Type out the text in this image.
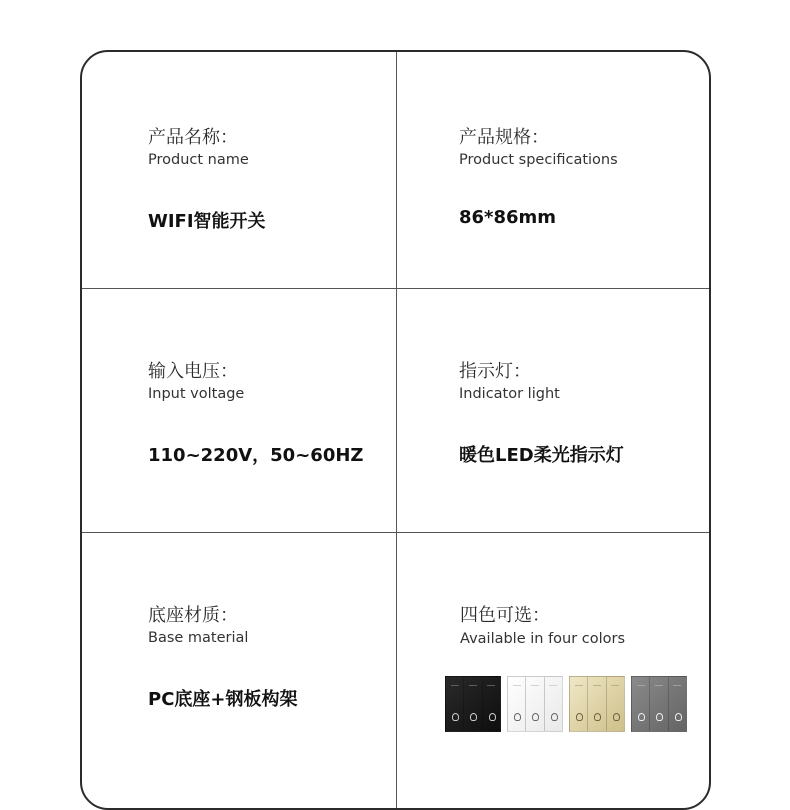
产品名称：
Product name
WIFI智能开关
产品规格：
Product specifications
86*86mm
输入电压：
Input voltage
110~220V，50~60HZ
指示灯：
Indicator light
暖色LED柔光指示灯
底座材质：
Base material
PC底座+钢板构架
四色可选：
Available in four colors
